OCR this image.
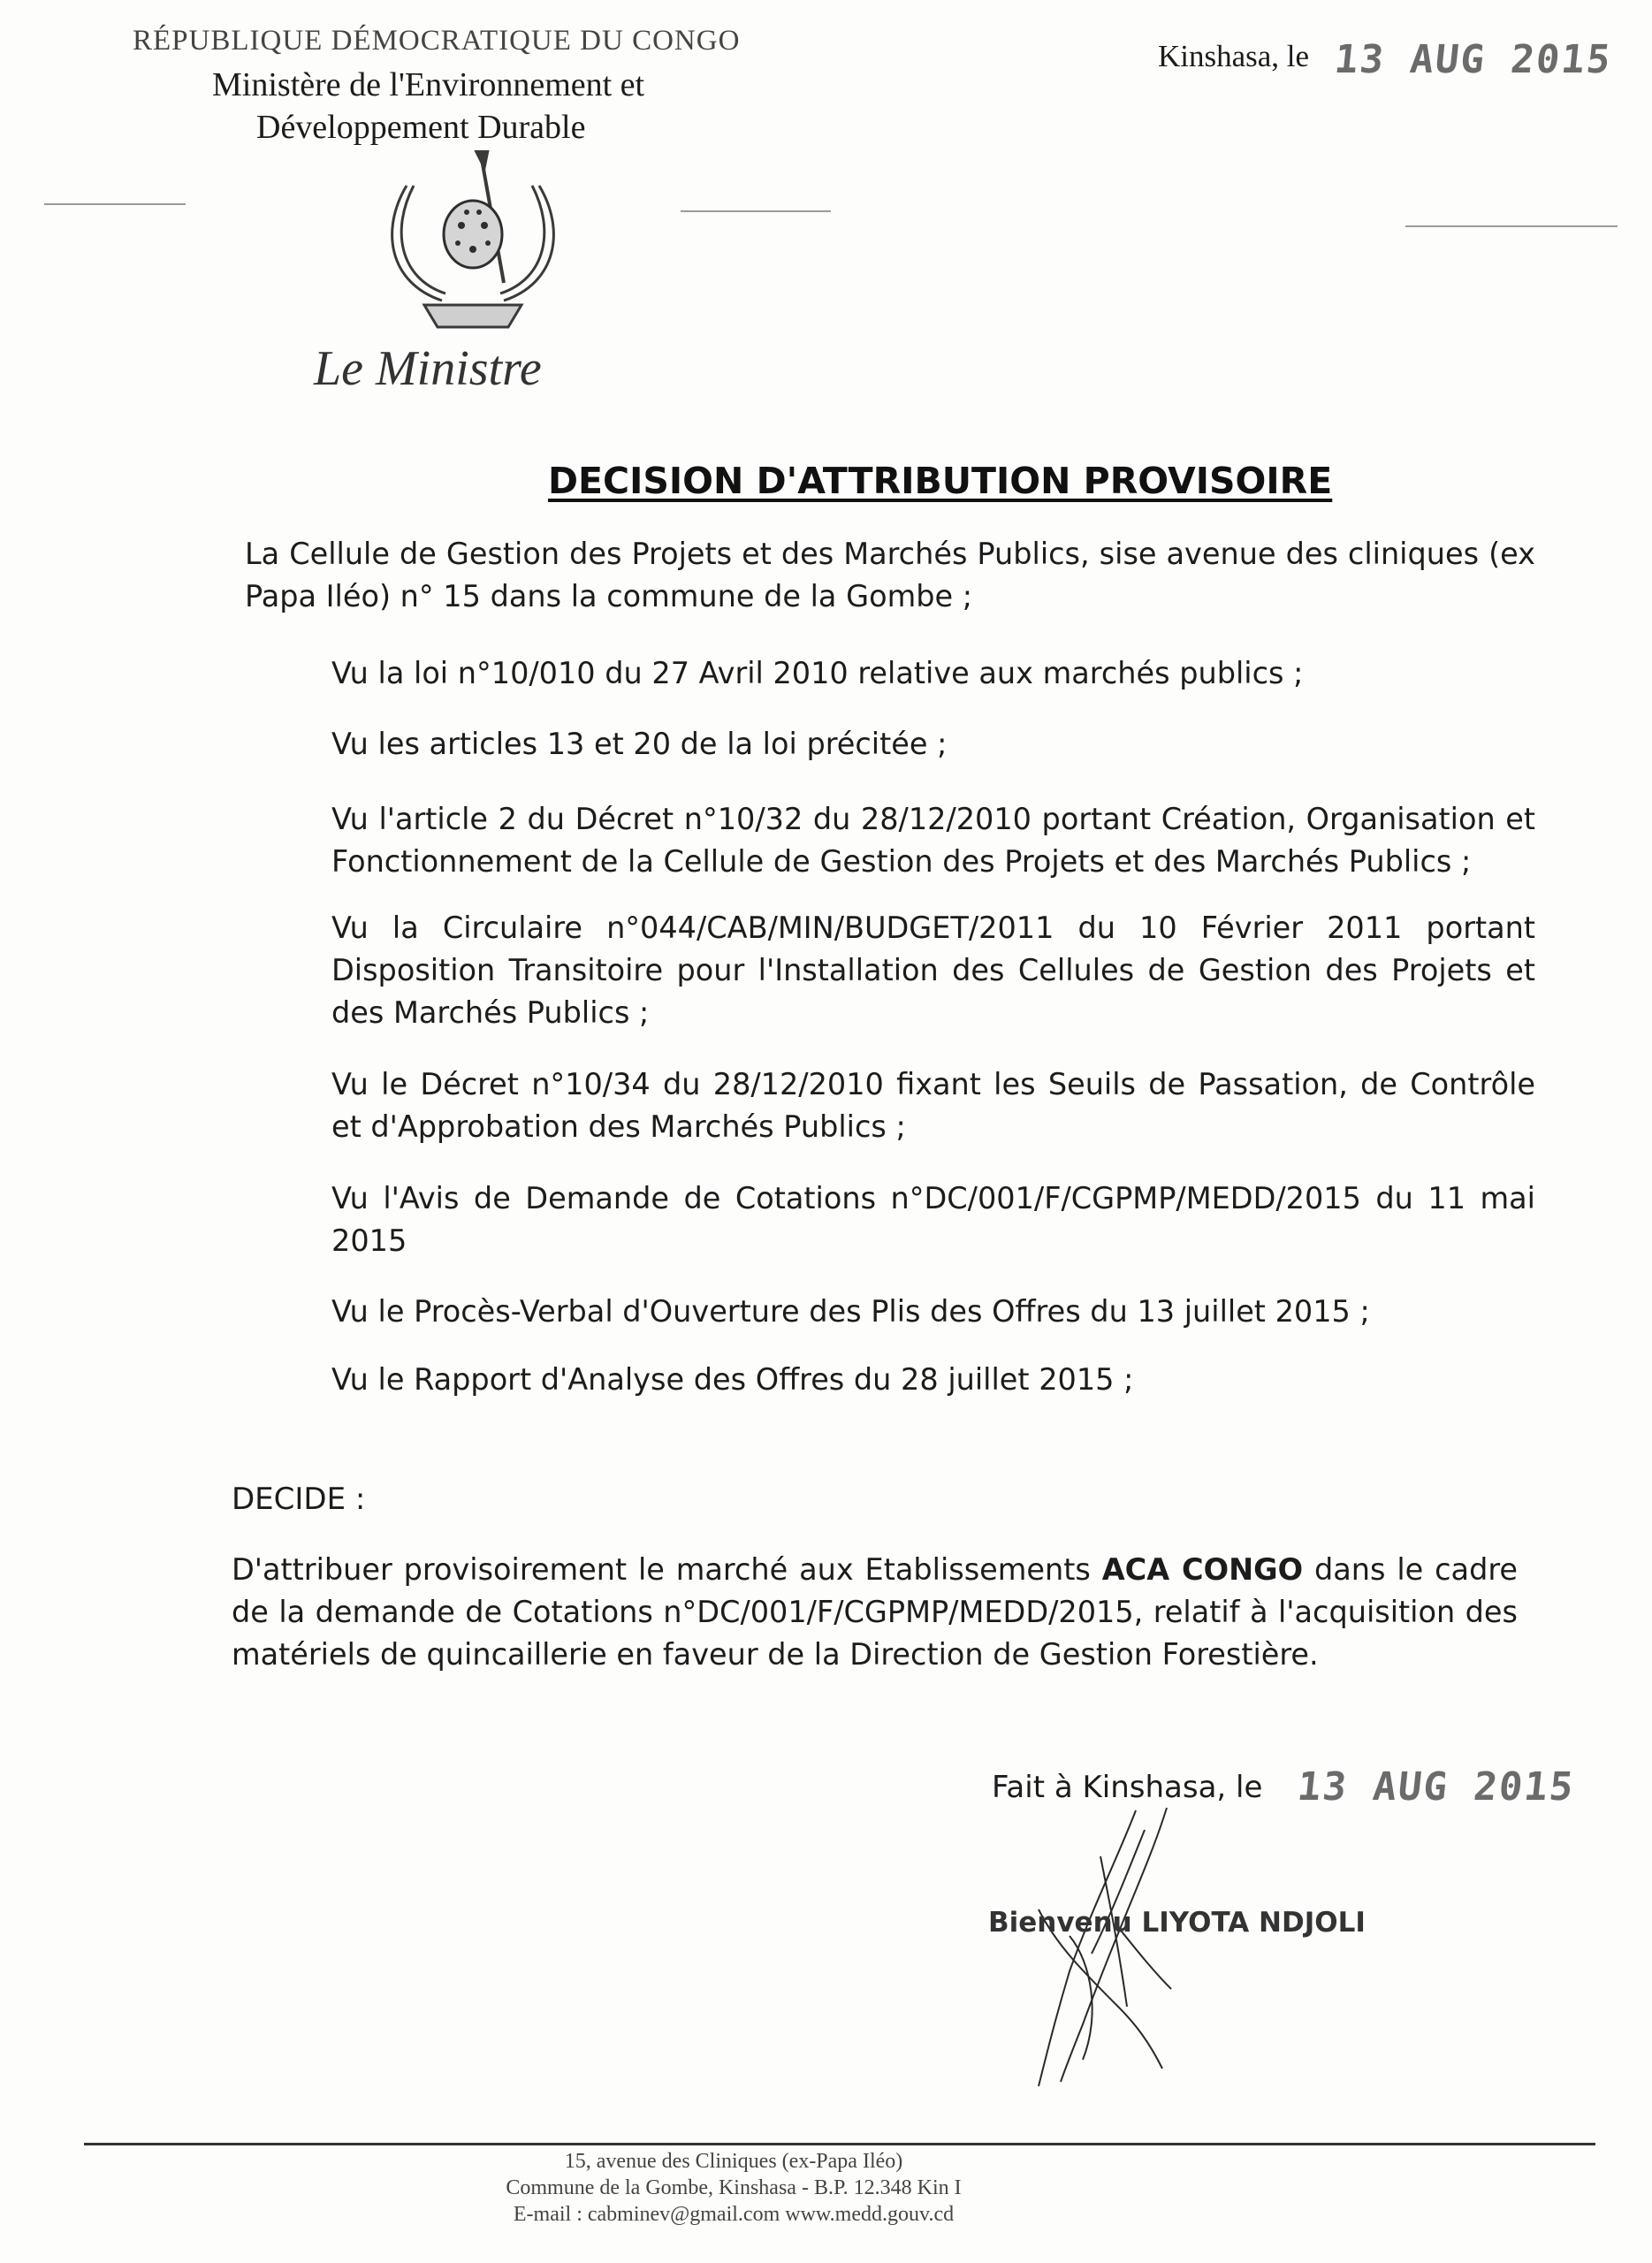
RÉPUBLIQUE DÉMOCRATIQUE DU CONGO
Ministère de l'Environnement et
Développement Durable
Kinshasa, le 13 AUG 2015
Le Ministre
DECISION D'ATTRIBUTION PROVISOIRE
La Cellule de Gestion des Projets et des Marchés Publics, sise avenue des cliniques (ex Papa Iléo) n° 15 dans la commune de la Gombe ;
Vu la loi n°10/010 du 27 Avril 2010 relative aux marchés publics ;
Vu les articles 13 et 20 de la loi précitée ;
Vu l'article 2 du Décret n°10/32 du 28/12/2010 portant Création, Organisation et Fonctionnement de la Cellule de Gestion des Projets et des Marchés Publics ;
Vu la Circulaire n°044/CAB/MIN/BUDGET/2011 du 10 Février 2011 portant Disposition Transitoire pour l'Installation des Cellules de Gestion des Projets et des Marchés Publics ;
Vu le Décret n°10/34 du 28/12/2010 fixant les Seuils de Passation, de Contrôle et d'Approbation des Marchés Publics ;
Vu l'Avis de Demande de Cotations n°DC/001/F/CGPMP/MEDD/2015 du 11 mai 2015
Vu le Procès-Verbal d'Ouverture des Plis des Offres du 13 juillet 2015 ;
Vu le Rapport d'Analyse des Offres du 28 juillet 2015 ;
DECIDE :
D'attribuer provisoirement le marché aux Etablissements ACA CONGO dans le cadre de la demande de Cotations n°DC/001/F/CGPMP/MEDD/2015, relatif à l'acquisition des matériels de quincaillerie en faveur de la Direction de Gestion Forestière.
Fait à Kinshasa, le 13 AUG 2015
Bienvenu LIYOTA NDJOLI
15, avenue des Cliniques (ex-Papa Iléo)
Commune de la Gombe, Kinshasa - B.P. 12.348 Kin I
E-mail : cabminev@gmail.com www.medd.gouv.cd
